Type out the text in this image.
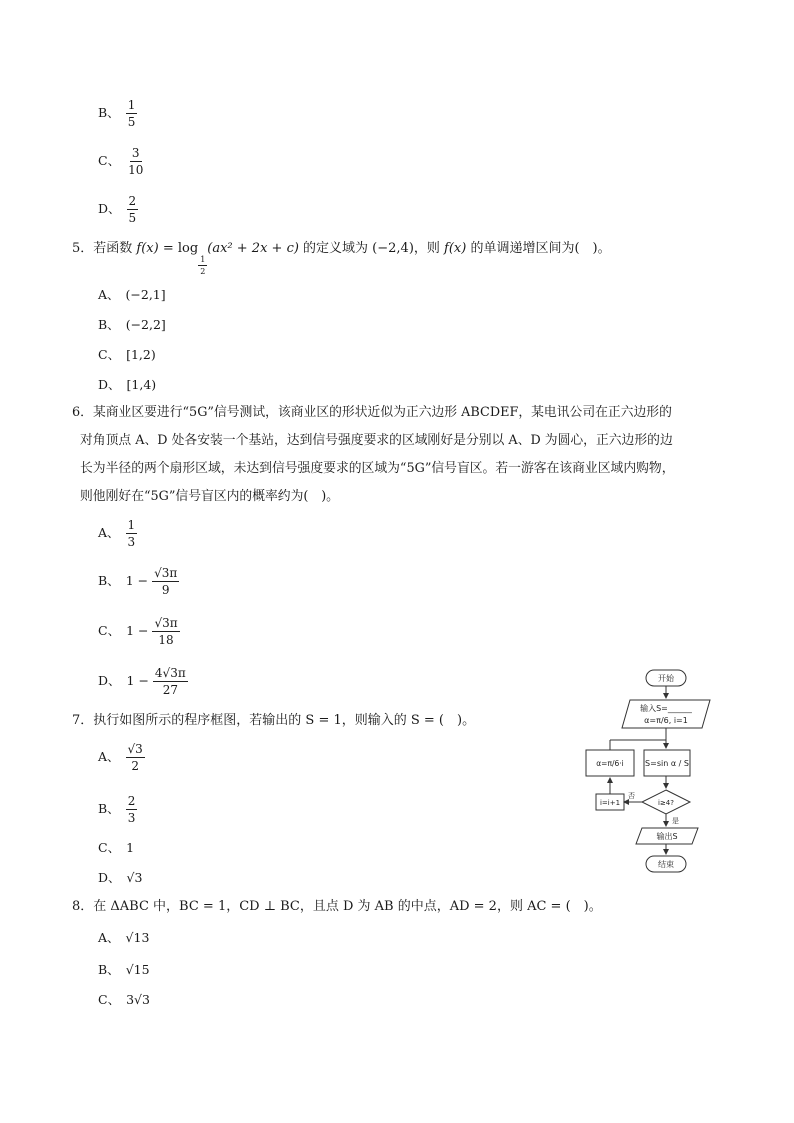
B、 $\frac{1}{5}$
C、 $\frac{3}{10}$
D、 $\frac{2}{5}$
5．若函数 f(x) = log
$\frac{1}{2}$
(ax² + 2x + c) 的定义域为 (−2,4)，则 f(x) 的单调递增区间为(　)。
A、 (−2,1]
B、 (−2,2]
C、 [1,2)
D、 [1,4)
6．某商业区要进行“5G”信号测试，该商业区的形状近似为正六边形 ABCDEF，某电讯公司在正六边形的
对角顶点 A、D 处各安装一个基站，达到信号强度要求的区域刚好是分别以 A、D 为圆心，正六边形的边
长为半径的两个扇形区域，未达到信号强度要求的区域为“5G”信号盲区。若一游客在该商业区域内购物，
则他刚好在“5G”信号盲区内的概率约为(　)。
A、 $\frac{1}{3}$
B、 $1 - \frac{√3\pi}{9}$
C、 $1 - \frac{√3\pi}{18}$
D、 $1 - \frac{4√3\pi}{27}$
7．执行如图所示的程序框图，若输出的 S = 1，则输入的 S = (　)。
A、 $\frac{√3}{2}$
B、 $\frac{2}{3}$
C、 1
D、 √3
开始
输入S=______
α=π/6, i=1
S=sin α / S
i≥4?
否
是
i=i+1
α=π/6·i
输出S
结束
8．在 ΔABC 中，BC = 1，CD ⊥ BC，且点 D 为 AB 的中点，AD = 2，则 AC = (　)。
A、 √13
B、 √15
C、 3√3
